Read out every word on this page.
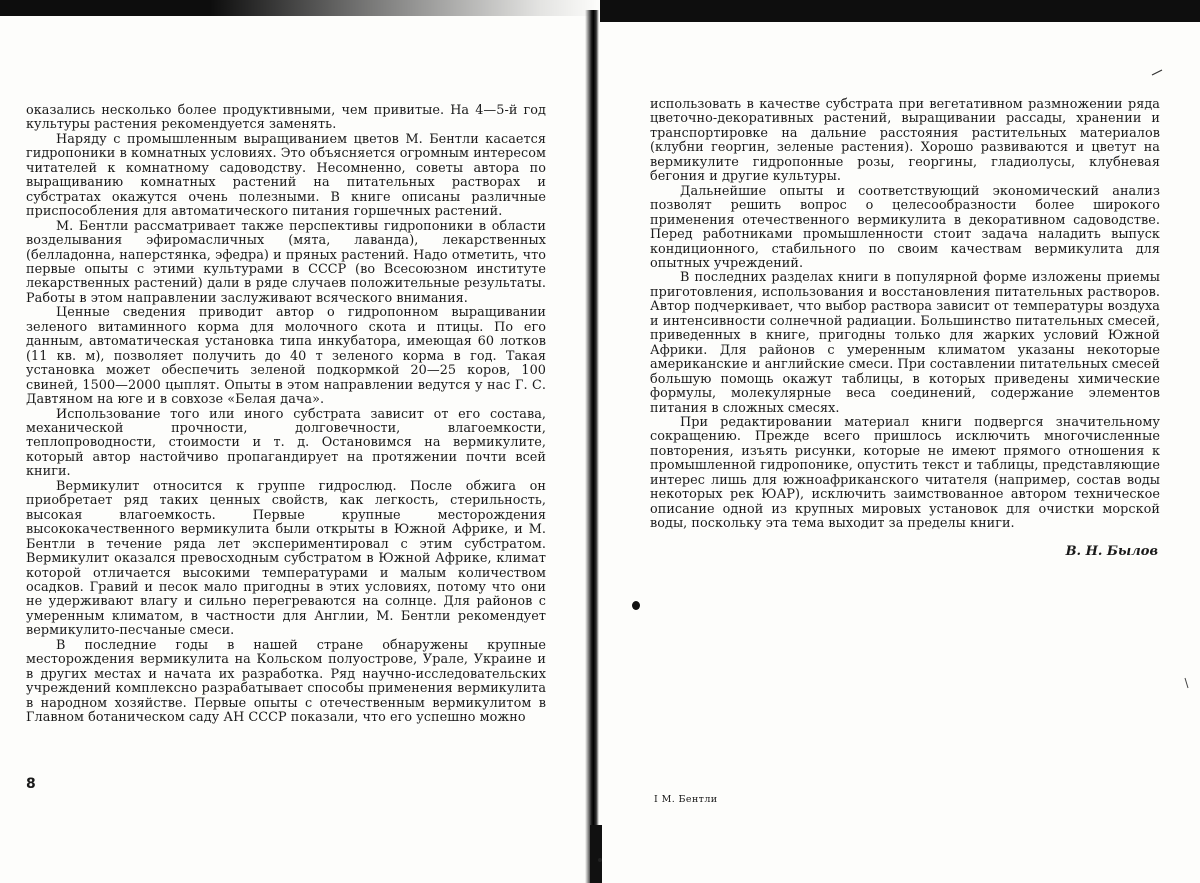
оказались несколько более продуктивными, чем привитые. На 4—5-й год культуры растения рекомендуется заменять.

Наряду с промышленным выращиванием цветов М. Бентли касается гидропоники в комнатных условиях. Это объясняется огромным интересом читателей к комнатному садоводству. Несомненно, советы автора по выращиванию комнатных растений на питательных растворах и субстратах окажутся очень полезными. В книге описаны различные приспособления для автоматического питания горшечных растений.

М. Бентли рассматривает также перспективы гидропоники в области возделывания эфиромасличных (мята, лаванда), лекарственных (белладонна, наперстянка, эфедра) и пряных растений. Надо отметить, что первые опыты с этими культурами в СССР (во Всесоюзном институте лекарственных растений) дали в ряде случаев положительные результаты. Работы в этом направлении заслуживают всяческого внимания.

Ценные сведения приводит автор о гидропонном выращивании зеленого витаминного корма для молочного скота и птицы. По его данным, автоматическая установка типа инкубатора, имеющая 60 лотков (11 кв. м), позволяет получить до 40 т зеленого корма в год. Такая установка может обеспечить зеленой подкормкой 20—25 коров, 100 свиней, 1500—2000 цыплят. Опыты в этом направлении ведутся у нас Г. С. Давтяном на юге и в совхозе «Белая дача».

Использование того или иного субстрата зависит от его состава, механической прочности, долговечности, влагоемкости, теплопроводности, стоимости и т. д. Остановимся на вермикулите, который автор настойчиво пропагандирует на протяжении почти всей книги.

Вермикулит относится к группе гидрослюд. После обжига он приобретает ряд таких ценных свойств, как легкость, стерильность, высокая влагоемкость. Первые крупные месторождения высококачественного вермикулита были открыты в Южной Африке, и М. Бентли в течение ряда лет экспериментировал с этим субстратом. Вермикулит оказался превосходным субстратом в Южной Африке, климат которой отличается высокими температурами и малым количеством осадков. Гравий и песок мало пригодны в этих условиях, потому что они не удерживают влагу и сильно перегреваются на солнце. Для районов с умеренным климатом, в частности для Англии, М. Бентли рекомендует вермикулито-песчаные смеси.

В последние годы в нашей стране обнаружены крупные месторождения вермикулита на Кольском полуострове, Урале, Украине и в других местах и начата их разработка. Ряд научно-исследовательских учреждений комплексно разрабатывает способы применения вермикулита в народном хозяйстве. Первые опыты с отечественным вермикулитом в Главном ботаническом саду АН СССР показали, что его успешно можно

8

использовать в качестве субстрата при вегетативном размножении ряда цветочно-декоративных растений, выращивании рассады, хранении и транспортировке на дальние расстояния растительных материалов (клубни георгин, зеленые растения). Хорошо развиваются и цветут на вермикулите гидропонные розы, георгины, гладиолусы, клубневая бегония и другие культуры.

Дальнейшие опыты и соответствующий экономический анализ позволят решить вопрос о целесообразности более широкого применения отечественного вермикулита в декоративном садоводстве. Перед работниками промышленности стоит задача наладить выпуск кондиционного, стабильного по своим качествам вермикулита для опытных учреждений.

В последних разделах книги в популярной форме изложены приемы приготовления, использования и восстановления питательных растворов. Автор подчеркивает, что выбор раствора зависит от температуры воздуха и интенсивности солнечной радиации. Большинство питательных смесей, приведенных в книге, пригодны только для жарких условий Южной Африки. Для районов с умеренным климатом указаны некоторые американские и английские смеси. При составлении питательных смесей большую помощь окажут таблицы, в которых приведены химические формулы, молекулярные веса соединений, содержание элементов питания в сложных смесях.

При редактировании материал книги подвергся значительному сокращению. Прежде всего пришлось исключить многочисленные повторения, изъять рисунки, которые не имеют прямого отношения к промышленной гидропонике, опустить текст и таблицы, представляющие интерес лишь для южноафриканского читателя (например, состав воды некоторых рек ЮАР), исключить заимствованное автором техническое описание одной из крупных мировых установок для очистки морской воды, поскольку эта тема выходит за пределы книги.

В. Н. Былов
I М. Бентли
